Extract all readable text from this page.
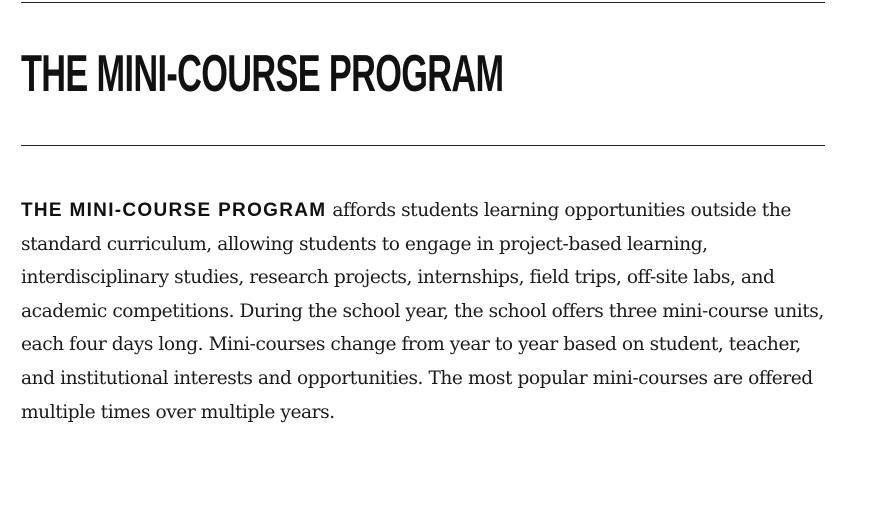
THE MINI-COURSE PROGRAM

THE MINI-COURSE PROGRAM affords students learning opportunities outside the standard curriculum, allowing students to engage in project-based learning, interdisciplinary studies, research projects, internships, field trips, off-site labs, and academic competitions. During the school year, the school offers three mini-course units, each four days long. Mini-courses change from year to year based on student, teacher, and institutional interests and opportunities. The most popular mini-courses are offered multiple times over multiple years.
